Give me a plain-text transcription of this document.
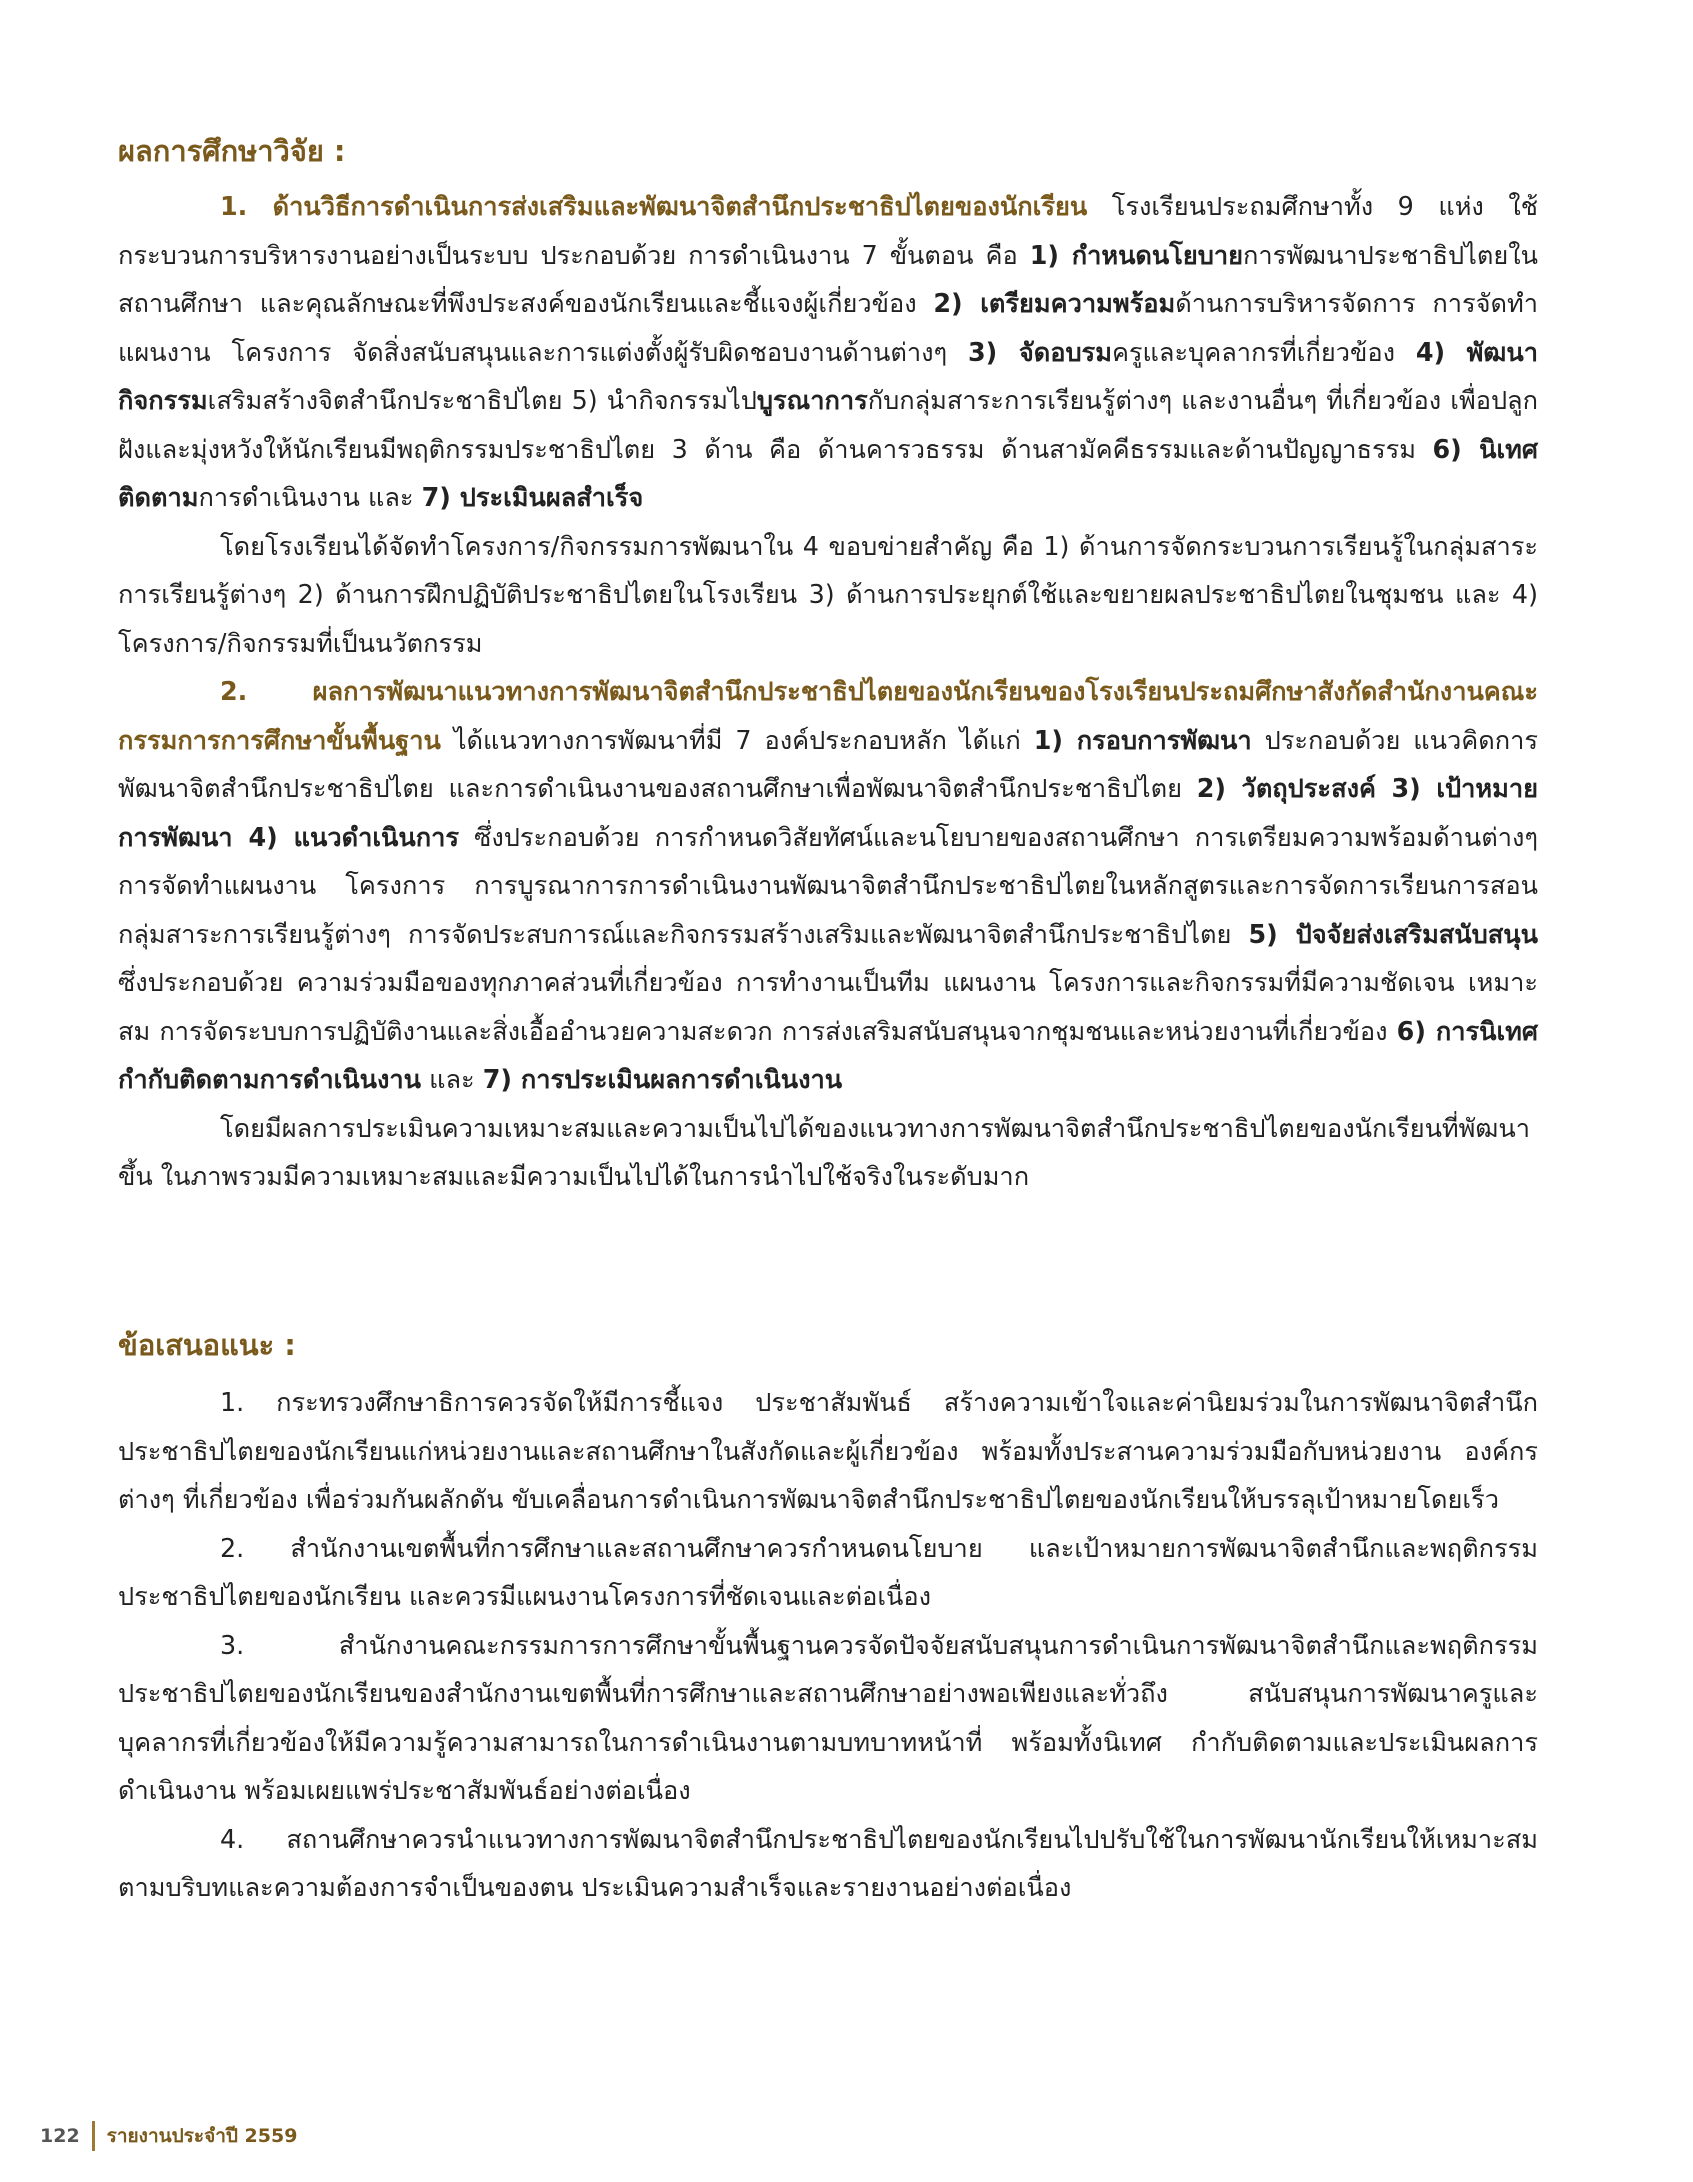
ผลการศึกษาวิจัย :

1. ด้านวิธีการดำเนินการส่งเสริมและพัฒนาจิตสำนึกประชาธิปไตยของนักเรียน โรงเรียนประถมศึกษาทั้ง 9 แห่ง ใช้กระบวนการบริหารงานอย่างเป็นระบบ ประกอบด้วย การดำเนินงาน 7 ขั้นตอน คือ 1) กำหนดนโยบายการพัฒนาประชาธิปไตยในสถานศึกษา และคุณลักษณะที่พึงประสงค์ของนักเรียนและชี้แจงผู้เกี่ยวข้อง 2) เตรียมความพร้อมด้านการบริหารจัดการ การจัดทำแผนงาน โครงการ จัดสิ่งสนับสนุนและการแต่งตั้งผู้รับผิดชอบงานด้านต่างๆ 3) จัดอบรมครูและบุคลากรที่เกี่ยวข้อง 4) พัฒนากิจกรรมเสริมสร้างจิตสำนึกประชาธิปไตย 5) นำกิจกรรมไปบูรณาการกับกลุ่มสาระการเรียนรู้ต่างๆ และงานอื่นๆ ที่เกี่ยวข้อง เพื่อปลูกฝังและมุ่งหวังให้นักเรียนมีพฤติกรรมประชาธิปไตย 3 ด้าน คือ ด้านคารวธรรม ด้านสามัคคีธรรมและด้านปัญญาธรรม 6) นิเทศ ติดตามการดำเนินงาน และ 7) ประเมินผลสำเร็จ

โดยโรงเรียนได้จัดทำโครงการ/กิจกรรมการพัฒนาใน 4 ขอบข่ายสำคัญ คือ 1) ด้านการจัดกระบวนการเรียนรู้ในกลุ่มสาระการเรียนรู้ต่างๆ 2) ด้านการฝึกปฏิบัติประชาธิปไตยในโรงเรียน 3) ด้านการประยุกต์ใช้และขยายผลประชาธิปไตยในชุมชน และ 4) โครงการ/กิจกรรมที่เป็นนวัตกรรม

2. ผลการพัฒนาแนวทางการพัฒนาจิตสำนึกประชาธิปไตยของนักเรียนของโรงเรียนประถมศึกษาสังกัดสำนักงานคณะกรรมการการศึกษาขั้นพื้นฐาน ได้แนวทางการพัฒนาที่มี 7 องค์ประกอบหลัก ได้แก่ 1) กรอบการพัฒนา ประกอบด้วย แนวคิดการพัฒนาจิตสำนึกประชาธิปไตย และการดำเนินงานของสถานศึกษาเพื่อพัฒนาจิตสำนึกประชาธิปไตย 2) วัตถุประสงค์ 3) เป้าหมายการพัฒนา 4) แนวดำเนินการ ซึ่งประกอบด้วย การกำหนดวิสัยทัศน์และนโยบายของสถานศึกษา การเตรียมความพร้อมด้านต่างๆ การจัดทำแผนงาน โครงการ การบูรณาการการดำเนินงานพัฒนาจิตสำนึกประชาธิปไตยในหลักสูตรและการจัดการเรียนการสอนกลุ่มสาระการเรียนรู้ต่างๆ การจัดประสบการณ์และกิจกรรมสร้างเสริมและพัฒนาจิตสำนึกประชาธิปไตย 5) ปัจจัยส่งเสริมสนับสนุน ซึ่งประกอบด้วย ความร่วมมือของทุกภาคส่วนที่เกี่ยวข้อง การทำงานเป็นทีม แผนงาน โครงการและกิจกรรมที่มีความชัดเจน เหมาะสม การจัดระบบการปฏิบัติงานและสิ่งเอื้ออำนวยความสะดวก การส่งเสริมสนับสนุนจากชุมชนและหน่วยงานที่เกี่ยวข้อง 6) การนิเทศ กำกับติดตามการดำเนินงาน และ 7) การประเมินผลการดำเนินงาน

โดยมีผลการประเมินความเหมาะสมและความเป็นไปได้ของแนวทางการพัฒนาจิตสำนึกประชาธิปไตยของนักเรียนที่พัฒนาขึ้น ในภาพรวมมีความเหมาะสมและมีความเป็นไปได้ในการนำไปใช้จริงในระดับมาก

ข้อเสนอแนะ :

1. กระทรวงศึกษาธิการควรจัดให้มีการชี้แจง ประชาสัมพันธ์ สร้างความเข้าใจและค่านิยมร่วมในการพัฒนาจิตสำนึกประชาธิปไตยของนักเรียนแก่หน่วยงานและสถานศึกษาในสังกัดและผู้เกี่ยวข้อง พร้อมทั้งประสานความร่วมมือกับหน่วยงาน องค์กรต่างๆ ที่เกี่ยวข้อง เพื่อร่วมกันผลักดัน ขับเคลื่อนการดำเนินการพัฒนาจิตสำนึกประชาธิปไตยของนักเรียนให้บรรลุเป้าหมายโดยเร็ว

2. สำนักงานเขตพื้นที่การศึกษาและสถานศึกษาควรกำหนดนโยบาย และเป้าหมายการพัฒนาจิตสำนึกและพฤติกรรมประชาธิปไตยของนักเรียน และควรมีแผนงานโครงการที่ชัดเจนและต่อเนื่อง

3. สำนักงานคณะกรรมการการศึกษาขั้นพื้นฐานควรจัดปัจจัยสนับสนุนการดำเนินการพัฒนาจิตสำนึกและพฤติกรรมประชาธิปไตยของนักเรียนของสำนักงานเขตพื้นที่การศึกษาและสถานศึกษาอย่างพอเพียงและทั่วถึง สนับสนุนการพัฒนาครูและบุคลากรที่เกี่ยวข้องให้มีความรู้ความสามารถในการดำเนินงานตามบทบาทหน้าที่ พร้อมทั้งนิเทศ กำกับติดตามและประเมินผลการดำเนินงาน พร้อมเผยแพร่ประชาสัมพันธ์อย่างต่อเนื่อง

4. สถานศึกษาควรนำแนวทางการพัฒนาจิตสำนึกประชาธิปไตยของนักเรียนไปปรับใช้ในการพัฒนานักเรียนให้เหมาะสมตามบริบทและความต้องการจำเป็นของตน ประเมินความสำเร็จและรายงานอย่างต่อเนื่อง

122 รายงานประจำปี 2559
